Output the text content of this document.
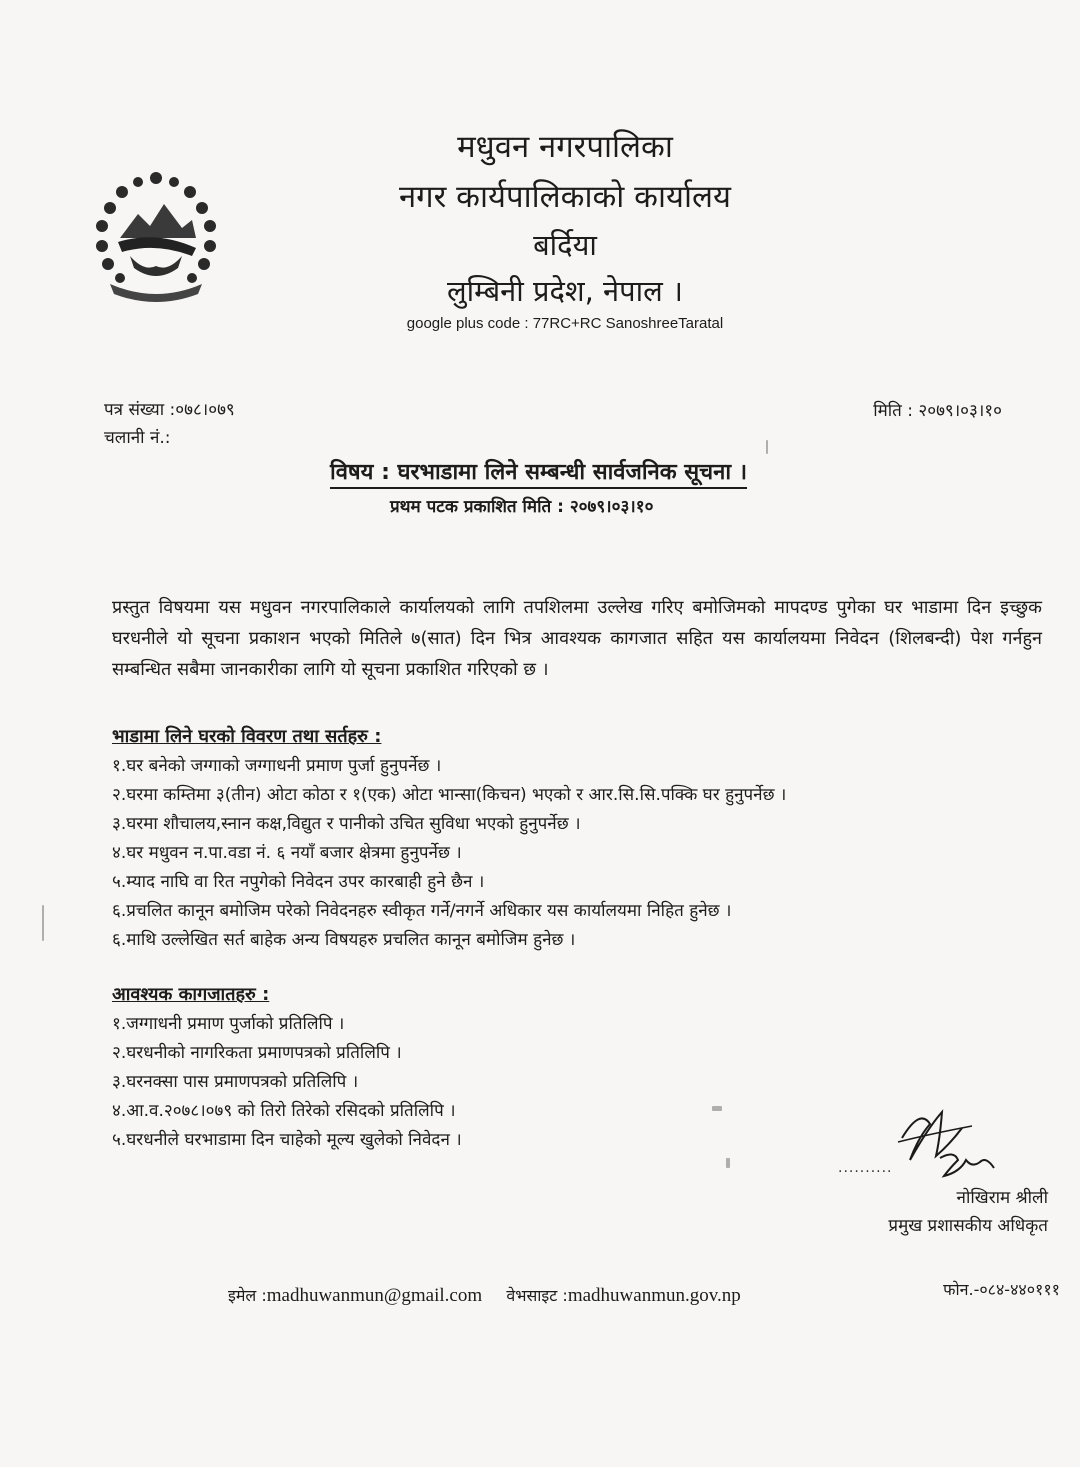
मधुवन नगरपालिका
नगर कार्यपालिकाको कार्यालय
बर्दिया
लुम्बिनी प्रदेश, नेपाल ।
google plus code : 77RC+RC SanoshreeTaratal
पत्र संख्या :०७८।०७९
चलानी नं.:
मिति : २०७९।०३।१०
विषय : घरभाडामा लिने सम्बन्धी सार्वजनिक सूचना ।
प्रथम पटक प्रकाशित मिति : २०७९।०३।१०
प्रस्तुत विषयमा यस मधुवन नगरपालिकाले कार्यालयको लागि तपशिलमा उल्लेख गरिए बमोजिमको मापदण्ड पुगेका घर भाडामा दिन इच्छुक घरधनीले यो सूचना प्रकाशन भएको मितिले ७(सात) दिन भित्र आवश्यक कागजात सहित यस कार्यालयमा निवेदन (शिलबन्दी) पेश गर्नहुन सम्बन्धित सबैमा जानकारीका लागि यो सूचना प्रकाशित गरिएको छ ।
भाडामा लिने घरको विवरण तथा सर्तहरु :
१.घर बनेको जग्गाको जग्गाधनी प्रमाण पुर्जा हुनुपर्नेछ ।
२.घरमा कम्तिमा ३(तीन) ओटा कोठा र १(एक) ओटा भान्सा(किचन) भएको र आर.सि.सि.पक्कि घर हुनुपर्नेछ ।
३.घरमा शौचालय,स्नान कक्ष,विद्युत र पानीको उचित सुविधा भएको हुनुपर्नेछ ।
४.घर मधुवन न.पा.वडा नं. ६ नयाँ बजार क्षेत्रमा हुनुपर्नेछ ।
५.म्याद नाघि वा रित नपुगेको निवेदन उपर कारबाही हुने छैन ।
६.प्रचलित कानून बमोजिम परेको निवेदनहरु स्वीकृत गर्ने/नगर्ने अधिकार यस कार्यालयमा निहित हुनेछ ।
६.माथि उल्लेखित सर्त बाहेक अन्य विषयहरु प्रचलित कानून बमोजिम हुनेछ ।
आवश्यक कागजातहरु :
१.जग्गाधनी प्रमाण पुर्जाको प्रतिलिपि ।
२.घरधनीको नागरिकता प्रमाणपत्रको प्रतिलिपि ।
३.घरनक्सा पास प्रमाणपत्रको प्रतिलिपि ।
४.आ.व.२०७८।०७९ को तिरो तिरेको रसिदको प्रतिलिपि ।
५.घरधनीले घरभाडामा दिन चाहेको मूल्य खुलेको निवेदन ।
..........
नोखिराम श्रीली
प्रमुख प्रशासकीय अधिकृत
इमेल :madhuwanmun@gmail.com वेभसाइट :madhuwanmun.gov.np	फोन.-०८४-४४०१११
